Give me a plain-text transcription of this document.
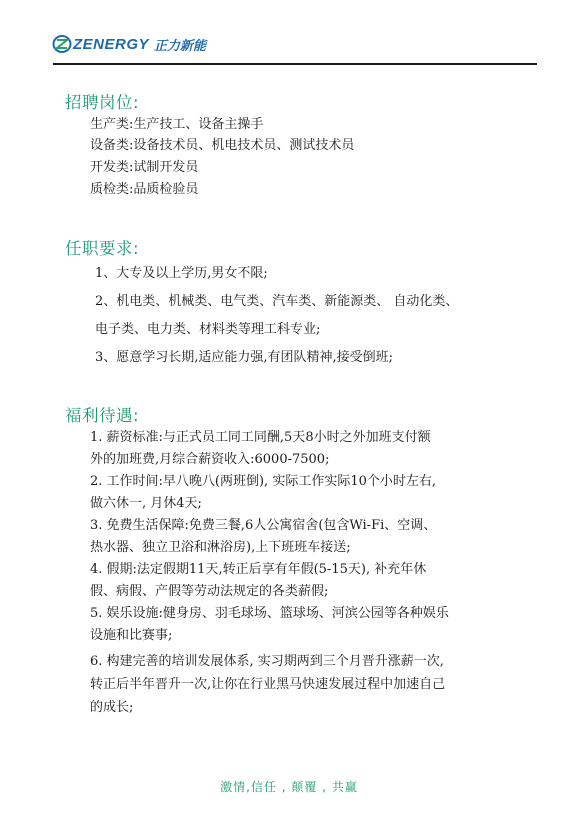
ZENERGY 正力新能
招聘岗位:
生产类:生产技工、设备主操手
设备类:设备技术员、机电技术员、测试技术员
开发类:试制开发员
质检类:品质检验员
任职要求:
1、大专及以上学历,男女不限;
2、机电类、机械类、电气类、汽车类、新能源类、 自动化类、
电子类、电力类、材料类等理工科专业;
3、愿意学习长期,适应能力强,有团队精神,接受倒班;
福利待遇:
1. 薪资标准:与正式员工同工同酬,5天8小时之外加班支付额
外的加班费,月综合薪资收入:6000-7500;
2. 工作时间:早八晚八(两班倒), 实际工作实际10个小时左右,
做六休一, 月休4天;
3. 免费生活保障:免费三餐,6人公寓宿舍(包含Wi-Fi、空调、
热水器、独立卫浴和淋浴房),上下班班车接送;
4. 假期:法定假期11天,转正后享有年假(5-15天), 补充年休
假、病假、产假等劳动法规定的各类薪假;
5. 娱乐设施:健身房、羽毛球场、篮球场、河滨公园等各种娱乐
设施和比赛事;
6. 构建完善的培训发展体系, 实习期两到三个月晋升涨薪一次,
转正后半年晋升一次,让你在行业黑马快速发展过程中加速自己
的成长;
激情,信任 , 颠覆 , 共赢
